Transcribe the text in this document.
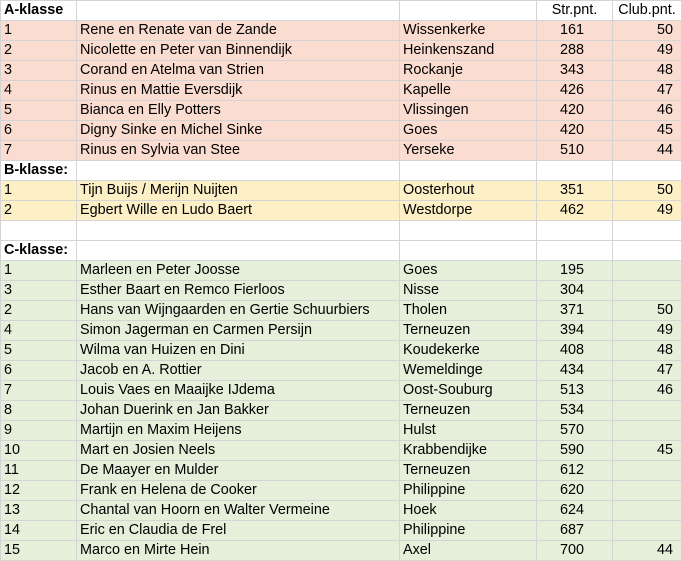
A-klasse			Str.pnt.	Club.pnt.
1	Rene en Renate van de Zande	Wissenkerke	161	50
2	Nicolette en Peter van Binnendijk	Heinkenszand	288	49
3	Corand en Atelma van Strien	Rockanje	343	48
4	Rinus en Mattie Eversdijk	Kapelle	426	47
5	Bianca en Elly Potters	Vlissingen	420	46
6	Digny Sinke en Michel Sinke	Goes	420	45
7	Rinus en Sylvia van Stee	Yerseke	510	44
B-klasse:				
1	Tijn Buijs / Merijn Nuijten	Oosterhout	351	50
2	Egbert Wille en Ludo Baert	Westdorpe	462	49

C-klasse:				
1	Marleen en Peter Joosse	Goes	195	
3	Esther Baart en Remco Fierloos	Nisse	304	
2	Hans van Wijngaarden en Gertie Schuurbiers	Tholen	371	50
4	Simon Jagerman en Carmen Persijn	Terneuzen	394	49
5	Wilma van Huizen en Dini	Koudekerke	408	48
6	Jacob en A. Rottier	Wemeldinge	434	47
7	Louis Vaes en Maaijke IJdema	Oost-Souburg	513	46
8	Johan Duerink en Jan Bakker	Terneuzen	534	
9	Martijn en Maxim Heijens	Hulst	570	
10	Mart en Josien Neels	Krabbendijke	590	45
11	De Maayer en Mulder	Terneuzen	612	
12	Frank en Helena de Cooker	Philippine	620	
13	Chantal van Hoorn en Walter Vermeine	Hoek	624	
14	Eric en Claudia de Frel	Philippine	687	
15	Marco en Mirte Hein	Axel	700	44
